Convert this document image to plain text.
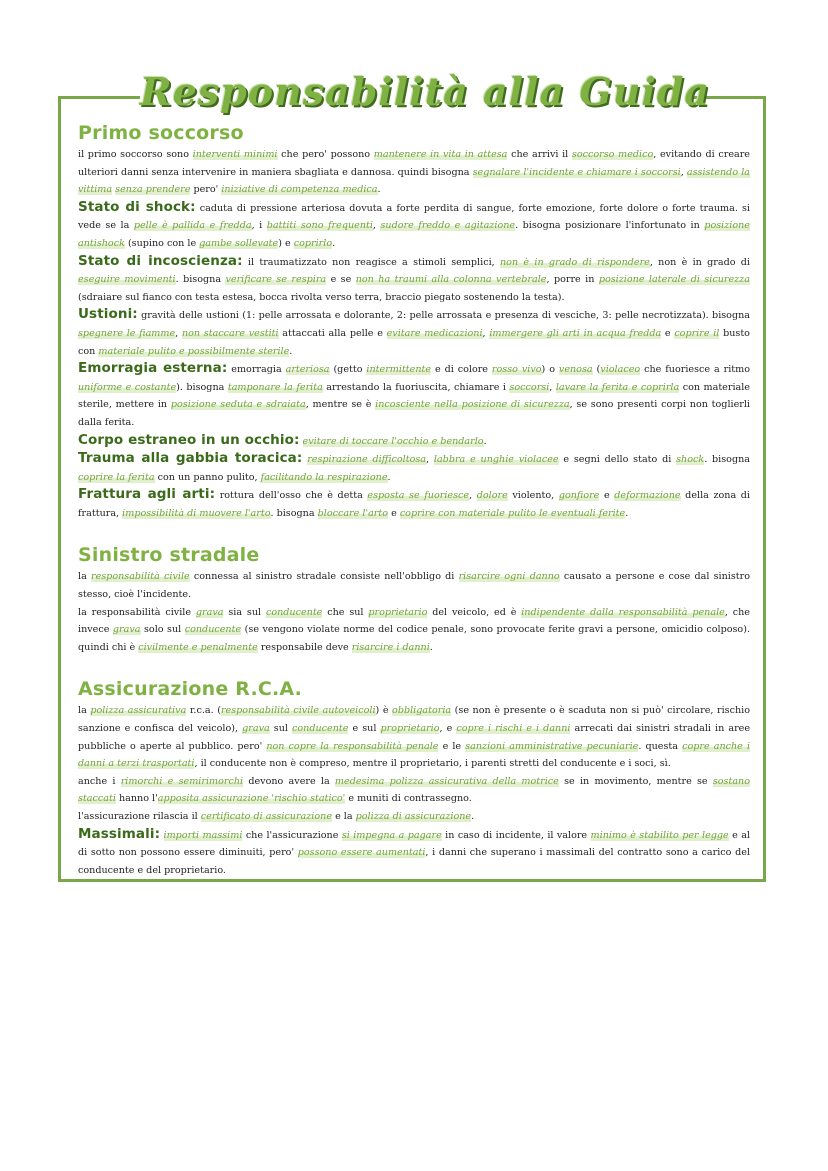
Responsabilità alla Guida
Primo soccorso

il primo soccorso sono interventi minimi che pero' possono mantenere in vita in attesa che arrivi il soccorso medico, evitando di creare ulteriori danni senza intervenire in maniera sbagliata e dannosa. quindi bisogna segnalare l'incidente e chiamare i soccorsi, assistendo la vittima senza prendere pero' iniziative di competenza medica.

Stato di shock: caduta di pressione arteriosa dovuta a forte perdita di sangue, forte emozione, forte dolore o forte trauma. si vede se la pelle è pallida e fredda, i battiti sono frequenti, sudore freddo e agitazione. bisogna posizionare l'infortunato in posizione antishock (supino con le gambe sollevate) e coprirlo.

Stato di incoscienza: il traumatizzato non reagisce a stimoli semplici, non è in grado di rispondere, non è in grado di eseguire movimenti. bisogna verificare se respira e se non ha traumi alla colonna vertebrale, porre in posizione laterale di sicurezza (sdraiare sul fianco con testa estesa, bocca rivolta verso terra, braccio piegato sostenendo la testa).

Ustioni: gravità delle ustioni (1: pelle arrossata e dolorante, 2: pelle arrossata e presenza di vesciche, 3: pelle necrotizzata). bisogna spegnere le fiamme, non staccare vestiti attaccati alla pelle e evitare medicazioni, immergere gli arti in acqua fredda e coprire il busto con materiale pulito e possibilmente sterile.

Emorragia esterna: emorragia arteriosa (getto intermittente e di colore rosso vivo) o venosa (violaceo che fuoriesce a ritmo uniforme e costante). bisogna tamponare la ferita arrestando la fuoriuscita, chiamare i soccorsi, lavare la ferita e coprirla con materiale sterile, mettere in posizione seduta e sdraiata, mentre se è incosciente nella posizione di sicurezza, se sono presenti corpi non toglierli dalla ferita.

Corpo estraneo in un occhio: evitare di toccare l'occhio e bendarlo.

Trauma alla gabbia toracica: respirazione difficoltosa, labbra e unghie violacee e segni dello stato di shock. bisogna coprire la ferita con un panno pulito, facilitando la respirazione.

Frattura agli arti: rottura dell'osso che è detta esposta se fuoriesce, dolore violento, gonfiore e deformazione della zona di frattura, impossibilità di muovere l'arto. bisogna bloccare l'arto e coprire con materiale pulito le eventuali ferite.

Sinistro stradale

la responsabilità civile connessa al sinistro stradale consiste nell'obbligo di risarcire ogni danno causato a persone e cose dal sinistro stesso, cioè l'incidente.

la responsabilità civile grava sia sul conducente che sul proprietario del veicolo, ed è indipendente dalla responsabilità penale, che invece grava solo sul conducente (se vengono violate norme del codice penale, sono provocate ferite gravi a persone, omicidio colposo). quindi chi è civilmente e penalmente responsabile deve risarcire i danni.

Assicurazione R.C.A.

la polizza assicurativa r.c.a. (responsabilità civile autoveicoli) è obbligatoria (se non è presente o è scaduta non si può' circolare, rischio sanzione e confisca del veicolo), grava sul conducente e sul proprietario, e copre i rischi e i danni arrecati dai sinistri stradali in aree pubbliche o aperte al pubblico. pero' non copre la responsabilità penale e le sanzioni amministrative pecuniarie. questa copre anche i danni a terzi trasportati, il conducente non è compreso, mentre il proprietario, i parenti stretti del conducente e i soci, sì.

anche i rimorchi e semirimorchi devono avere la medesima polizza assicurativa della motrice se in movimento, mentre se sostano staccati hanno l'apposita assicurazione 'rischio statico' e muniti di contrassegno.

l'assicurazione rilascia il certificato di assicurazione e la polizza di assicurazione.

Massimali: importi massimi che l'assicurazione si impegna a pagare in caso di incidente, il valore minimo è stabilito per legge e al di sotto non possono essere diminuiti, pero' possono essere aumentati, i danni che superano i massimali del contratto sono a carico del conducente e del proprietario.
